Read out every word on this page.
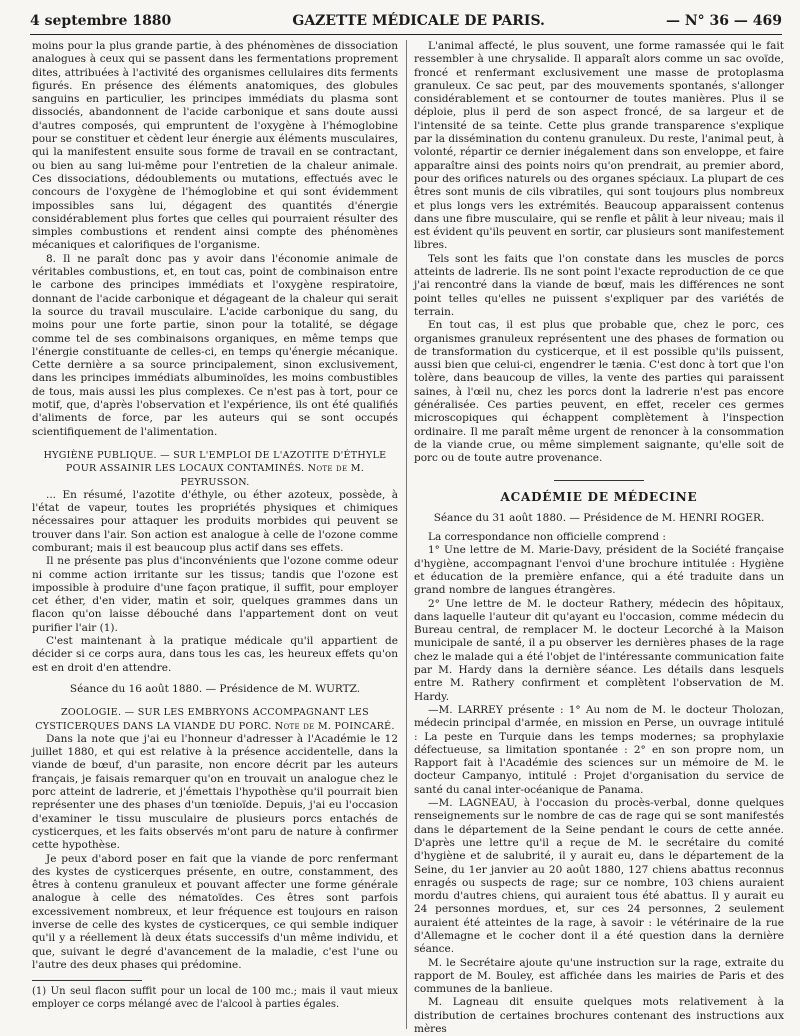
4 septembre 1880	GAZETTE MÉDICALE DE PARIS.	— N° 36 — 469

moins pour la plus grande partie, à des phénomènes de dissociation analogues à ceux qui se passent dans les fermentations proprement dites, attribuées à l'activité des organismes cellulaires dits ferments figurés. En présence des éléments anatomiques, des globules sanguins en particulier, les principes immédiats du plasma sont dissociés, abandonnent de l'acide carbonique et sans doute aussi d'autres composés, qui empruntent de l'oxygène à l'hémoglobine pour se constituer et cèdent leur énergie aux éléments musculaires, qui la manifestent ensuite sous forme de travail en se contractant, ou bien au sang lui-même pour l'entretien de la chaleur animale. Ces dissociations, dédoublements ou mutations, effectués avec le concours de l'oxygène de l'hémoglobine et qui sont évidemment impossibles sans lui, dégagent des quantités d'énergie considérablement plus fortes que celles qui pourraient résulter des simples combustions et rendent ainsi compte des phénomènes mécaniques et calorifiques de l'organisme.

8. Il ne paraît donc pas y avoir dans l'économie animale de véritables combustions, et, en tout cas, point de combinaison entre le carbone des principes immédiats et l'oxygène respiratoire, donnant de l'acide carbonique et dégageant de la chaleur qui serait la source du travail musculaire. L'acide carbonique du sang, du moins pour une forte partie, sinon pour la totalité, se dégage comme tel de ses combinaisons organiques, en même temps que l'énergie constituante de celles-ci, en temps qu'énergie mécanique. Cette dernière a sa source principalement, sinon exclusivement, dans les principes immédiats albuminoïdes, les moins combustibles de tous, mais aussi les plus complexes. Ce n'est pas à tort, pour ce motif, que, d'après l'observation et l'expérience, ils ont été qualifiés d'aliments de force, par les auteurs qui se sont occupés scientifiquement de l'alimentation.

HYGIÈNE PUBLIQUE. — SUR L'EMPLOI DE L'AZOTITE D'ÉTHYLE POUR ASSAINIR LES LOCAUX CONTAMINÉS. Note de M. PEYRUSSON.

... En résumé, l'azotite d'éthyle, ou éther azoteux, possède, à l'état de vapeur, toutes les propriétés physiques et chimiques nécessaires pour attaquer les produits morbides qui peuvent se trouver dans l'air. Son action est analogue à celle de l'ozone comme comburant; mais il est beaucoup plus actif dans ses effets.

Il ne présente pas plus d'inconvénients que l'ozone comme odeur ni comme action irritante sur les tissus; tandis que l'ozone est impossible à produire d'une façon pratique, il suffit, pour employer cet éther, d'en vider, matin et soir, quelques grammes dans un flacon qu'on laisse débouché dans l'appartement dont on veut purifier l'air (1).

C'est maintenant à la pratique médicale qu'il appartient de décider si ce corps aura, dans tous les cas, les heureux effets qu'on est en droit d'en attendre.

Séance du 16 août 1880. — Présidence de M. WURTZ.

ZOOLOGIE. — SUR LES EMBRYONS ACCOMPAGNANT LES CYSTICERQUES DANS LA VIANDE DU PORC. Note de M. POINCARÉ.

Dans la note que j'ai eu l'honneur d'adresser à l'Académie le 12 juillet 1880, et qui est relative à la présence accidentelle, dans la viande de bœuf, d'un parasite, non encore décrit par les auteurs français, je faisais remarquer qu'on en trouvait un analogue chez le porc atteint de ladrerie, et j'émettais l'hypothèse qu'il pourrait bien représenter une des phases d'un tœnioïde. Depuis, j'ai eu l'occasion d'examiner le tissu musculaire de plusieurs porcs entachés de cysticerques, et les faits observés m'ont paru de nature à confirmer cette hypothèse.

Je peux d'abord poser en fait que la viande de porc renfermant des kystes de cysticerques présente, en outre, constamment, des êtres à contenu granuleux et pouvant affecter une forme générale analogue à celle des nématoïdes. Ces êtres sont parfois excessivement nombreux, et leur fréquence est toujours en raison inverse de celle des kystes de cysticerques, ce qui semble indiquer qu'il y a réellement là deux états successifs d'un même individu, et que, suivant le degré d'avancement de la maladie, c'est l'une ou l'autre des deux phases qui prédomine.

(1) Un seul flacon suffit pour un local de 100 mc.; mais il vaut mieux employer ce corps mélangé avec de l'alcool à parties égales.

L'animal affecté, le plus souvent, une forme ramassée qui le fait ressembler à une chrysalide. Il apparaît alors comme un sac ovoïde, froncé et renfermant exclusivement une masse de protoplasma granuleux. Ce sac peut, par des mouvements spontanés, s'allonger considérablement et se contourner de toutes manières. Plus il se déploie, plus il perd de son aspect froncé, de sa largeur et de l'intensité de sa teinte. Cette plus grande transparence s'explique par la dissémination du contenu granuleux. Du reste, l'animal peut, à volonté, répartir ce dernier inégalement dans son enveloppe, et faire apparaître ainsi des points noirs qu'on prendrait, au premier abord, pour des orifices naturels ou des organes spéciaux. La plupart de ces êtres sont munis de cils vibratiles, qui sont toujours plus nombreux et plus longs vers les extrémités. Beaucoup apparaissent contenus dans une fibre musculaire, qui se renfle et pâlit à leur niveau; mais il est évident qu'ils peuvent en sortir, car plusieurs sont manifestement libres.

Tels sont les faits que l'on constate dans les muscles de porcs atteints de ladrerie. Ils ne sont point l'exacte reproduction de ce que j'ai rencontré dans la viande de bœuf, mais les différences ne sont point telles qu'elles ne puissent s'expliquer par des variétés de terrain.

En tout cas, il est plus que probable que, chez le porc, ces organismes granuleux représentent une des phases de formation ou de transformation du cysticerque, et il est possible qu'ils puissent, aussi bien que celui-ci, engendrer le tænia. C'est donc à tort que l'on tolère, dans beaucoup de villes, la vente des parties qui paraissent saines, à l'œil nu, chez les porcs dont la ladrerie n'est pas encore généralisée. Ces parties peuvent, en effet, receler ces germes microscopiques qui échappent complètement à l'inspection ordinaire. Il me paraît même urgent de renoncer à la consommation de la viande crue, ou même simplement saignante, qu'elle soit de porc ou de toute autre provenance.

ACADÉMIE DE MÉDECINE

Séance du 31 août 1880. — Présidence de M. HENRI ROGER.

La correspondance non officielle comprend :

1° Une lettre de M. Marie-Davy, président de la Société française d'hygiène, accompagnant l'envoi d'une brochure intitulée : Hygiène et éducation de la première enfance, qui a été traduite dans un grand nombre de langues étrangères.

2° Une lettre de M. le docteur Rathery, médecin des hôpitaux, dans laquelle l'auteur dit qu'ayant eu l'occasion, comme médecin du Bureau central, de remplacer M. le docteur Lecorché à la Maison municipale de santé, il a pu observer les dernières phases de la rage chez le malade qui a été l'objet de l'intéressante communication faite par M. Hardy dans la dernière séance. Les détails dans lesquels entre M. Rathery confirment et complètent l'observation de M. Hardy.

—M. LARREY présente : 1° Au nom de M. le docteur Tholozan, médecin principal d'armée, en mission en Perse, un ouvrage intitulé : La peste en Turquie dans les temps modernes; sa prophylaxie défectueuse, sa limitation spontanée : 2° en son propre nom, un Rapport fait à l'Académie des sciences sur un mémoire de M. le docteur Campanyo, intitulé : Projet d'organisation du service de santé du canal inter-océanique de Panama.

—M. LAGNEAU, à l'occasion du procès-verbal, donne quelques renseignements sur le nombre de cas de rage qui se sont manifestés dans le département de la Seine pendant le cours de cette année. D'après une lettre qu'il a reçue de M. le secrétaire du comité d'hygiène et de salubrité, il y aurait eu, dans le département de la Seine, du 1er janvier au 20 août 1880, 127 chiens abattus reconnus enragés ou suspects de rage; sur ce nombre, 103 chiens auraient mordu d'autres chiens, qui auraient tous été abattus. Il y aurait eu 24 personnes mordues, et, sur ces 24 personnes, 2 seulement auraient été atteintes de la rage, à savoir : le vétérinaire de la rue d'Allemagne et le cocher dont il a été question dans la dernière séance.

M. le Secrétaire ajoute qu'une instruction sur la rage, extraite du rapport de M. Bouley, est affichée dans les mairies de Paris et des communes de la banlieue.

M. Lagneau dit ensuite quelques mots relativement à la distribution de certaines brochures contenant des instructions aux mères
